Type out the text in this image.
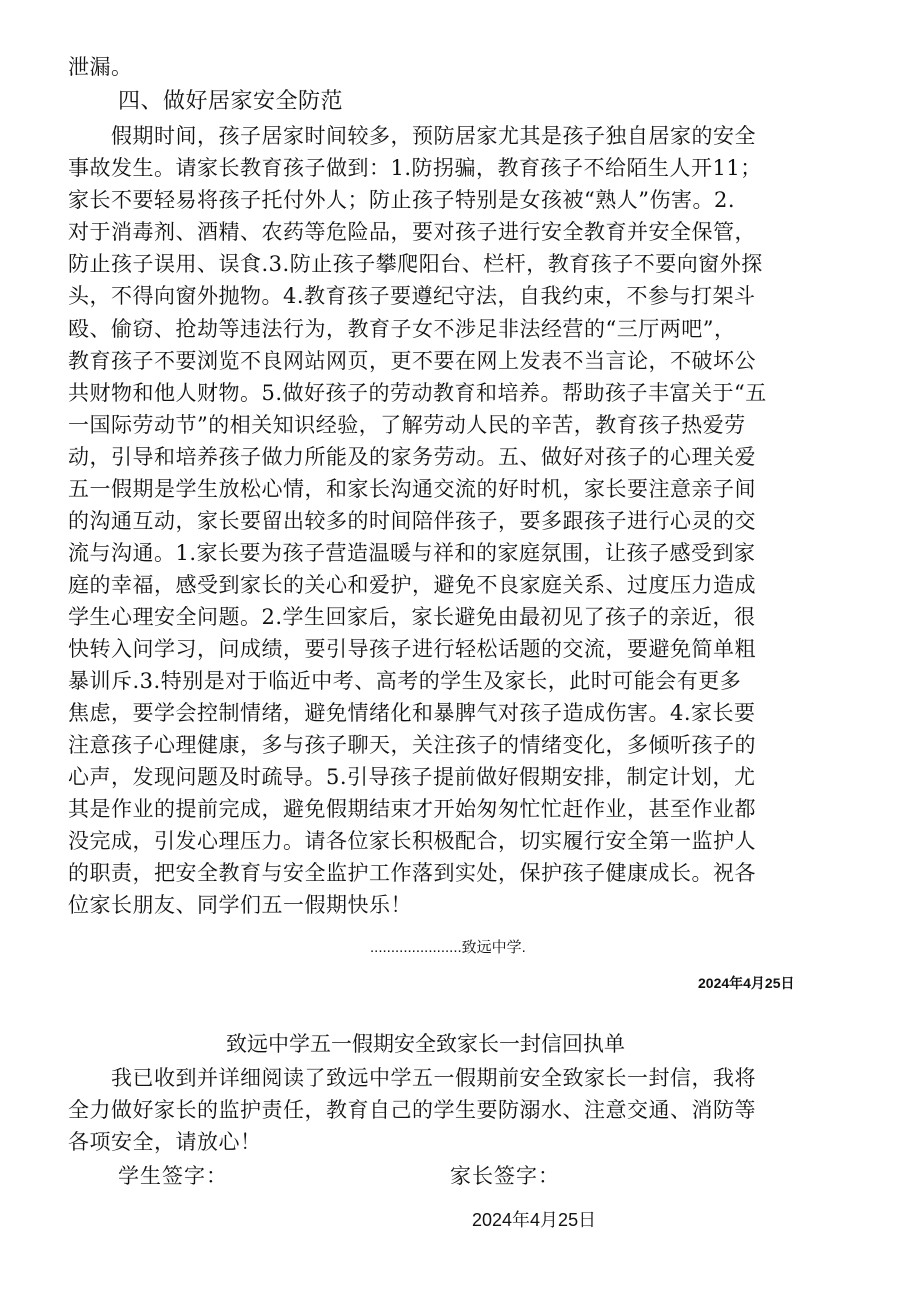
泄漏。
四、做好居家安全防范
　　假期时间，孩子居家时间较多，预防居家尤其是孩子独自居家的安全
事故发生。请家长教育孩子做到：1.防拐骗，教育孩子不给陌生人开11；
家长不要轻易将孩子托付外人；防止孩子特别是女孩被“熟人”伤害。2.
对于消毒剂、酒精、农药等危险品，要对孩子进行安全教育并安全保管，
防止孩子误用、误食.3.防止孩子攀爬阳台、栏杆，教育孩子不要向窗外探
头，不得向窗外抛物。4.教育孩子要遵纪守法，自我约束，不参与打架斗
殴、偷窃、抢劫等违法行为，教育子女不涉足非法经营的“三厅两吧”，
教育孩子不要浏览不良网站网页，更不要在网上发表不当言论，不破坏公
共财物和他人财物。5.做好孩子的劳动教育和培养。帮助孩子丰富关于“五
一国际劳动节”的相关知识经验，了解劳动人民的辛苦，教育孩子热爱劳
动，引导和培养孩子做力所能及的家务劳动。五、做好对孩子的心理关爱
五一假期是学生放松心情，和家长沟通交流的好时机，家长要注意亲子间
的沟通互动，家长要留出较多的时间陪伴孩子，要多跟孩子进行心灵的交
流与沟通。1.家长要为孩子营造温暖与祥和的家庭氛围，让孩子感受到家
庭的幸福，感受到家长的关心和爱护，避免不良家庭关系、过度压力造成
学生心理安全问题。2.学生回家后，家长避免由最初见了孩子的亲近，很
快转入问学习，问成绩，要引导孩子进行轻松话题的交流，要避免简单粗
暴训斥.3.特别是对于临近中考、高考的学生及家长，此时可能会有更多
焦虑，要学会控制情绪，避免情绪化和暴脾气对孩子造成伤害。4.家长要
注意孩子心理健康，多与孩子聊天，关注孩子的情绪变化，多倾听孩子的
心声，发现问题及时疏导。5.引导孩子提前做好假期安排，制定计划，尤
其是作业的提前完成，避免假期结束才开始匆匆忙忙赶作业，甚至作业都
没完成，引发心理压力。请各位家长积极配合，切实履行安全第一监护人
的职责，把安全教育与安全监护工作落到实处，保护孩子健康成长。祝各
位家长朋友、同学们五一假期快乐！
......................致远中学.
2024年4月25日
致远中学五一假期安全致家长一封信回执单
　　我已收到并详细阅读了致远中学五一假期前安全致家长一封信，我将
全力做好家长的监护责任，教育自己的学生要防溺水、注意交通、消防等
各项安全，请放心！
学生签字：	家长签字：
2024年4月25日
